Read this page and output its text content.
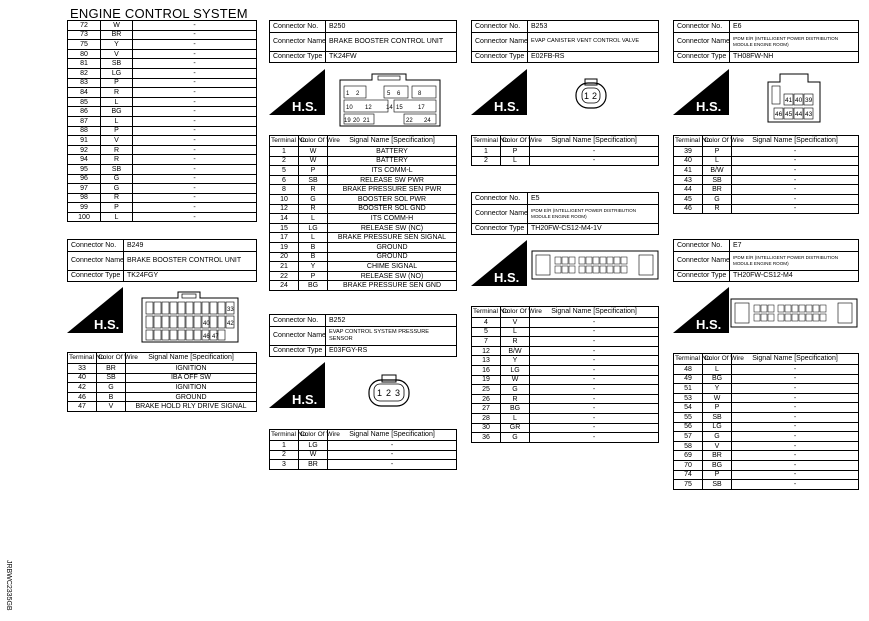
ENGINE CONTROL SYSTEM
72	W	-
73	BR	-
75	Y	-
80	V	-
81	SB	-
82	LG	-
83	P	-
84	R	-
85	L	-
86	BG	-
87	L	-
88	P	-
91	V	-
92	R	-
94	R	-
95	SB	-
96	G	-
97	G	-
98	R	-
99	P	-
100	L	-
Connector No.	B249
Connector Name	BRAKE BOOSTER CONTROL UNIT
Connector Type	TK24FGY
H.S.
33
40	42
46 47
Terminal No.	Color Of Wire	Signal Name [Specification]
33	BR	IGNITION
40	SB	IBA OFF SW
42	G	IGNITION
46	B	GROUND
47	V	BRAKE HOLD RLY DRIVE SIGNAL
Connector No.	B250
Connector Name	BRAKE BOOSTER CONTROL UNIT
Connector Type	TK24FW
H.S.
1 2	5 6	8
10 12 14 15	17
19 20 21	22 24
Terminal No.	Color Of Wire	Signal Name [Specification]
1	W	BATTERY
2	W	BATTERY
5	P	ITS COMM-L
6	SB	RELEASE SW PWR
8	R	BRAKE PRESSURE SEN PWR
10	G	BOOSTER SOL PWR
12	R	BOOSTER SOL GND
14	L	ITS COMM-H
15	LG	RELEASE SW (NC)
17	L	BRAKE PRESSURE SEN SIGNAL
19	B	GROUND
20	B	GROUND
21	Y	CHIME SIGNAL
22	P	RELEASE SW (NO)
24	BG	BRAKE PRESSURE SEN GND
Connector No.	B252
Connector Name	EVAP CONTROL SYSTEM PRESSURE SENSOR
Connector Type	E03FGY-RS
H.S.	1 2 3
Terminal No.	Color Of Wire	Signal Name [Specification]
1	LG	-
2	W	-
3	BR	-
Connector No.	B253
Connector Name	EVAP CANISTER VENT CONTROL VALVE
Connector Type	E02FB-RS
H.S.
1 2
Terminal No.	Color Of Wire	Signal Name [Specification]
1	P	-
2	L	-
Connector No.	E5
Connector Name	IPDM E/R (INTELLIGENT POWER DISTRIBUTION MODULE ENGINE ROOM)
Connector Type	TH20FW-CS12-M4-1V
H.S.
Terminal No.	Color Of Wire	Signal Name [Specification]
4	V	-
5	L	-
7	R	-
12	B/W	-
13	Y	-
16	LG	-
19	W	-
25	G	-
26	R	-
27	BG	-
28	L	-
30	GR	-
36	G	-
Connector No.	E6
Connector Name	IPDM E/R (INTELLIGENT POWER DISTRIBUTION MODULE ENGINE ROOM)
Connector Type	TH08FW-NH
H.S.	41 40 39
46 45 44 43
Terminal No.	Color Of Wire	Signal Name [Specification]
39	P	-
40	L	-
41	B/W	-
43	SB	-
44	BR	-
45	G	-
46	R	-
Connector No.	E7
Connector Name	IPDM E/R (INTELLIGENT POWER DISTRIBUTION MODULE ENGINE ROOM)
Connector Type	TH20FW-CS12-M4
H.S.
Terminal No.	Color Of Wire	Signal Name [Specification]
48	L	-
49	BG	-
51	Y	-
53	W	-
54	P	-
55	SB	-
56	LG	-
57	G	-
58	V	-
69	BR	-
70	BG	-
74	P	-
75	SB	-
JRBWC2335GB
